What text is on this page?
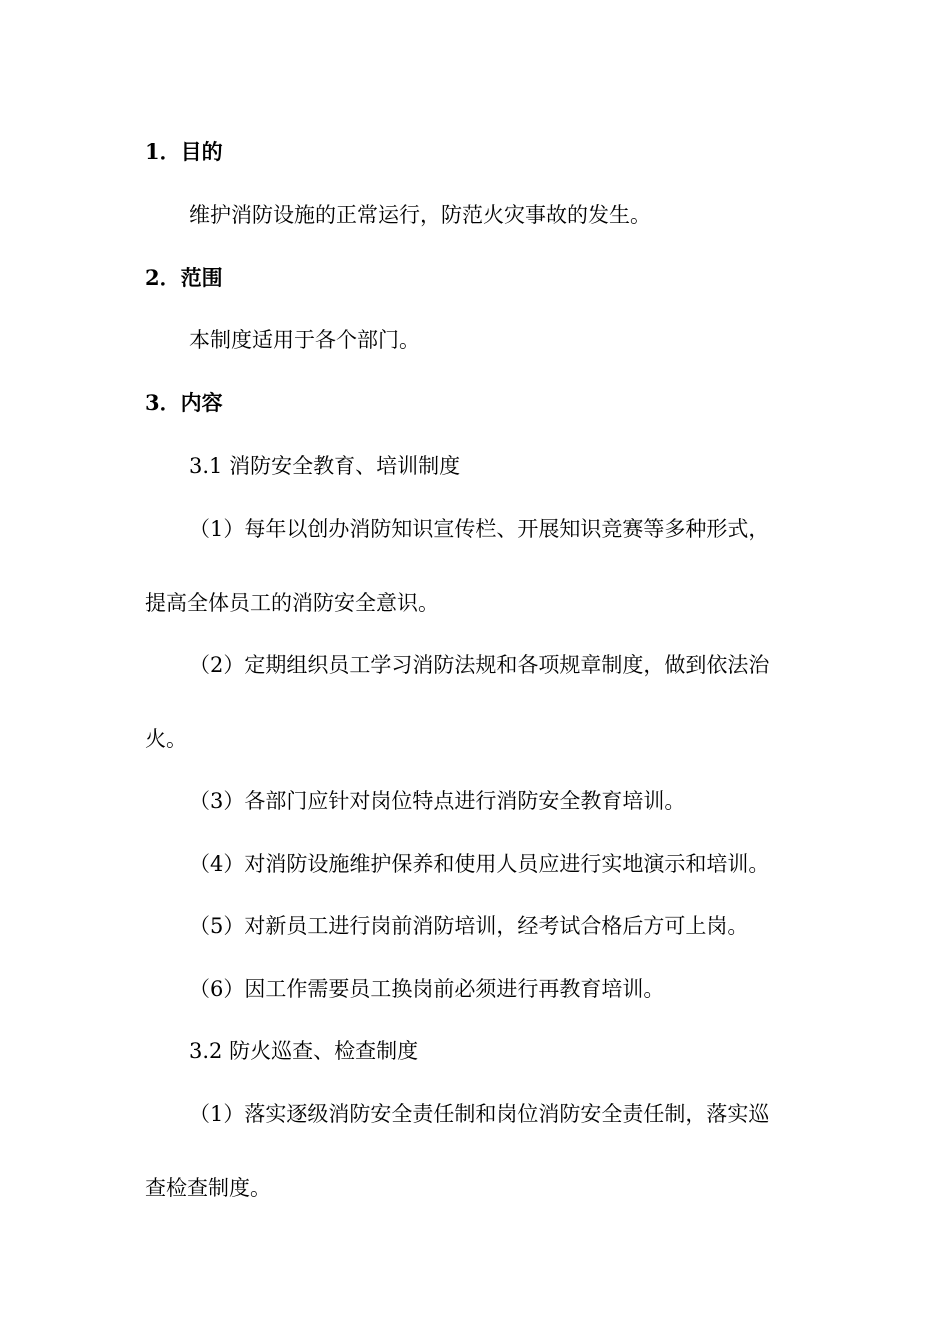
1．目的
维护消防设施的正常运行，防范火灾事故的发生。
2．范围
本制度适用于各个部门。
3．内容
3.1 消防安全教育、培训制度
（1）每年以创办消防知识宣传栏、开展知识竞赛等多种形式，
提高全体员工的消防安全意识。
（2）定期组织员工学习消防法规和各项规章制度，做到依法治
火。
（3）各部门应针对岗位特点进行消防安全教育培训。
（4）对消防设施维护保养和使用人员应进行实地演示和培训。
（5）对新员工进行岗前消防培训，经考试合格后方可上岗。
（6）因工作需要员工换岗前必须进行再教育培训。
3.2 防火巡查、检查制度
（1）落实逐级消防安全责任制和岗位消防安全责任制，落实巡
查检查制度。
